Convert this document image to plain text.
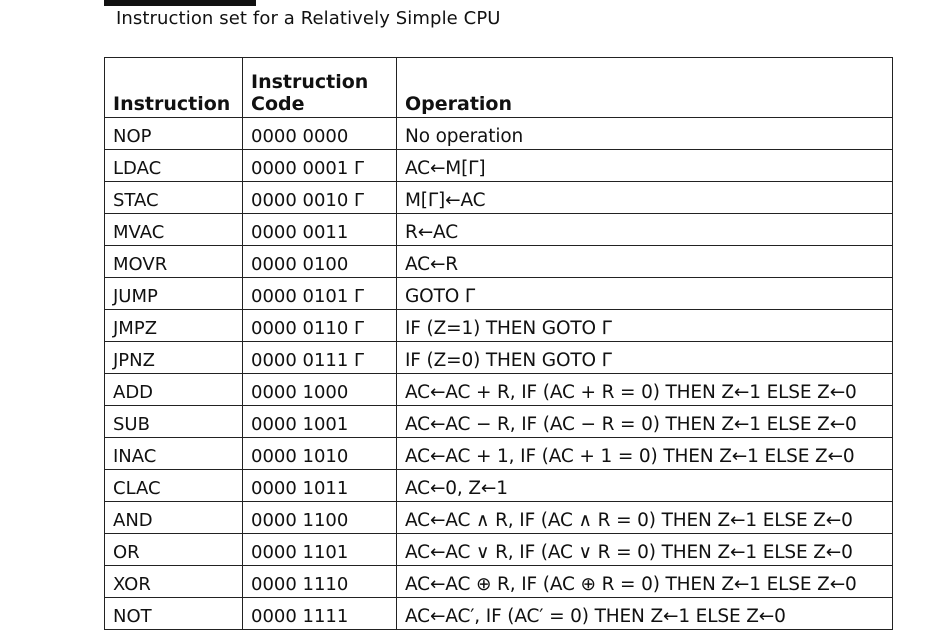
Instruction set for a Relatively Simple CPU
Instruction	Instruction Code	Operation
NOP	0000 0000	No operation
LDAC	0000 0001 Γ	AC←M[Γ]
STAC	0000 0010 Γ	M[Γ]←AC
MVAC	0000 0011	R←AC
MOVR	0000 0100	AC←R
JUMP	0000 0101 Γ	GOTO Γ
JMPZ	0000 0110 Γ	IF (Z=1) THEN GOTO Γ
JPNZ	0000 0111 Γ	IF (Z=0) THEN GOTO Γ
ADD	0000 1000	AC←AC + R, IF (AC + R = 0) THEN Z←1 ELSE Z←0
SUB	0000 1001	AC←AC − R, IF (AC − R = 0) THEN Z←1 ELSE Z←0
INAC	0000 1010	AC←AC + 1, IF (AC + 1 = 0) THEN Z←1 ELSE Z←0
CLAC	0000 1011	AC←0, Z←1
AND	0000 1100	AC←AC ∧ R, IF (AC ∧ R = 0) THEN Z←1 ELSE Z←0
OR	0000 1101	AC←AC ∨ R, IF (AC ∨ R = 0) THEN Z←1 ELSE Z←0
XOR	0000 1110	AC←AC ⊕ R, IF (AC ⊕ R = 0) THEN Z←1 ELSE Z←0
NOT	0000 1111	AC←AC′, IF (AC′ = 0) THEN Z←1 ELSE Z←0
